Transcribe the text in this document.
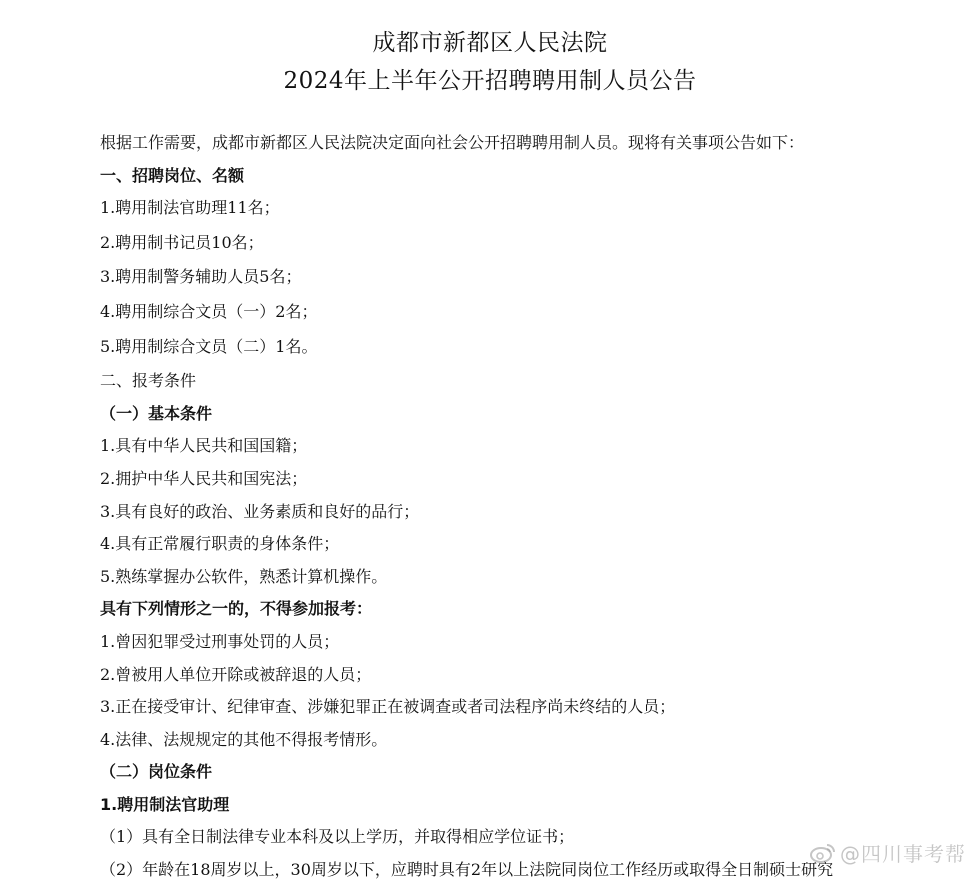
成都市新都区人民法院
2024年上半年公开招聘聘用制人员公告
根据工作需要，成都市新都区人民法院决定面向社会公开招聘聘用制人员。现将有关事项公告如下：
一、招聘岗位、名额
1.聘用制法官助理11名；
2.聘用制书记员10名；
3.聘用制警务辅助人员5名；
4.聘用制综合文员（一）2名；
5.聘用制综合文员（二）1名。
二、报考条件
（一）基本条件
1.具有中华人民共和国国籍；
2.拥护中华人民共和国宪法；
3.具有良好的政治、业务素质和良好的品行；
4.具有正常履行职责的身体条件；
5.熟练掌握办公软件，熟悉计算机操作。
具有下列情形之一的，不得参加报考：
1.曾因犯罪受过刑事处罚的人员；
2.曾被用人单位开除或被辞退的人员；
3.正在接受审计、纪律审查、涉嫌犯罪正在被调查或者司法程序尚未终结的人员；
4.法律、法规规定的其他不得报考情形。
（二）岗位条件
1.聘用制法官助理
（1）具有全日制法律专业本科及以上学历，并取得相应学位证书；
（2）年龄在18周岁以上，30周岁以下，应聘时具有2年以上法院同岗位工作经历或取得全日制硕士研究
@四川事考帮
